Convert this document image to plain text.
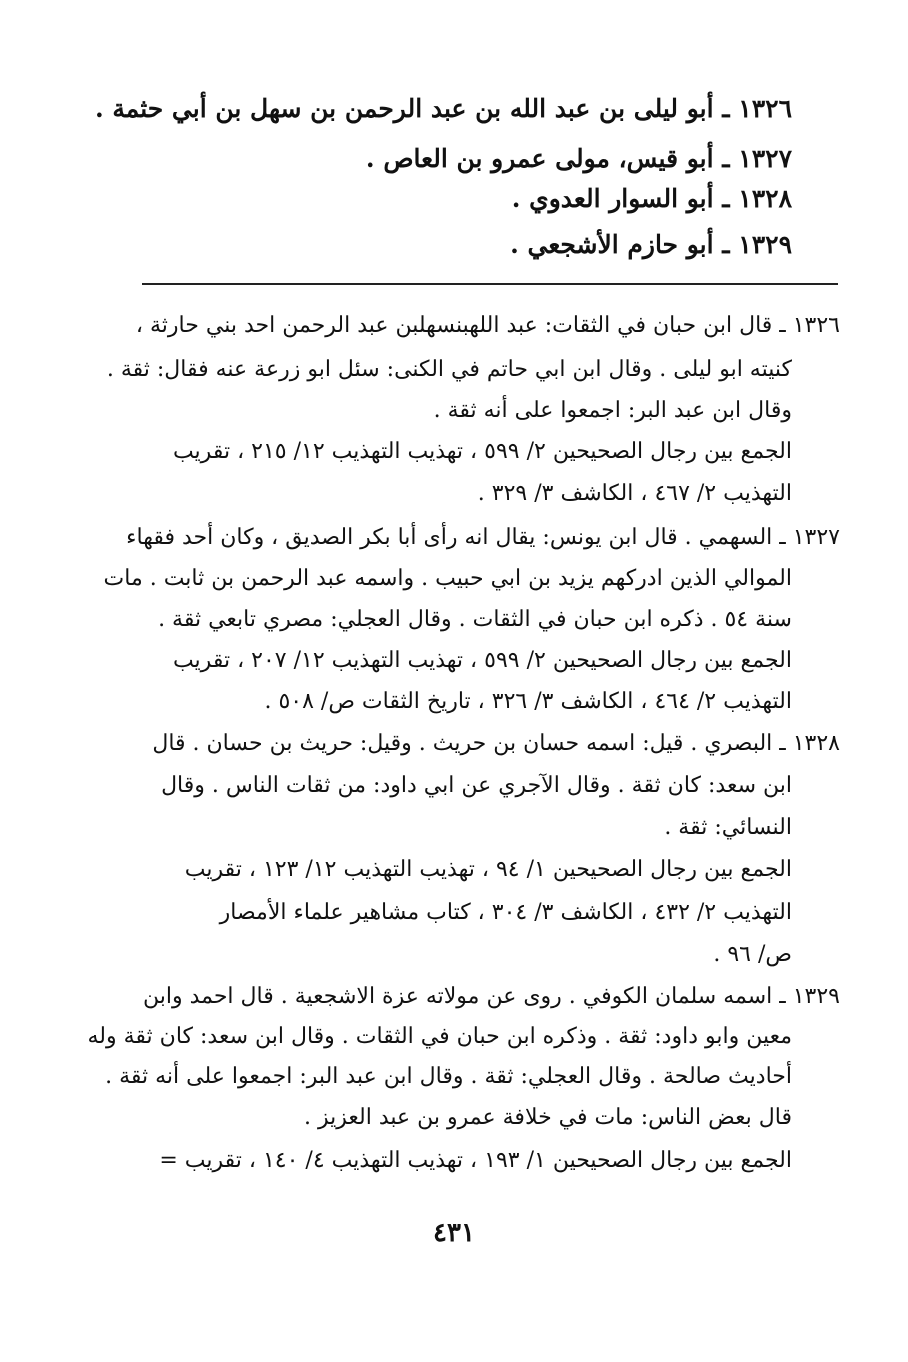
١٣٢٦ ـ أبو ليلى بن عبد الله بن عبد الرحمن بن سهل بن أبي حثمة .
١٣٢٧ ـ أبو قيس، مولى عمرو بن العاص .
١٣٢٨ ـ أبو السوار العدوي .
١٣٢٩ ـ أبو حازم الأشجعي .
١٣٢٦ ـ قال ابن حبان في الثقات: عبد اللهبنسهلبن عبد الرحمن احد بني حارثة ،
كنيته ابو ليلى . وقال ابن ابي حاتم في الكنى: سئل ابو زرعة عنه فقال: ثقة .
وقال ابن عبد البر: اجمعوا على أنه ثقة .
الجمع بين رجال الصحيحين ٢/ ٥٩٩ ، تهذيب التهذيب ١٢/ ٢١٥ ، تقريب
التهذيب ٢/ ٤٦٧ ، الكاشف ٣/ ٣٢٩ .
١٣٢٧ ـ السهمي . قال ابن يونس: يقال انه رأى أبا بكر الصديق ، وكان أحد فقهاء
الموالي الذين ادركهم يزيد بن ابي حبيب . واسمه عبد الرحمن بن ثابت . مات
سنة ٥٤ . ذكره ابن حبان في الثقات . وقال العجلي: مصري تابعي ثقة .
الجمع بين رجال الصحيحين ٢/ ٥٩٩ ، تهذيب التهذيب ١٢/ ٢٠٧ ، تقريب
التهذيب ٢/ ٤٦٤ ، الكاشف ٣/ ٣٢٦ ، تاريخ الثقات ص/ ٥٠٨ .
١٣٢٨ ـ البصري . قيل: اسمه حسان بن حريث . وقيل: حريث بن حسان . قال
ابن سعد: كان ثقة . وقال الآجري عن ابي داود: من ثقات الناس . وقال
النسائي: ثقة .
الجمع بين رجال الصحيحين ١/ ٩٤ ، تهذيب التهذيب ١٢/ ١٢٣ ، تقريب
التهذيب ٢/ ٤٣٢ ، الكاشف ٣/ ٣٠٤ ، كتاب مشاهير علماء الأمصار
ص/ ٩٦ .
١٣٢٩ ـ اسمه سلمان الكوفي . روى عن مولاته عزة الاشجعية . قال احمد وابن
معين وابو داود: ثقة . وذكره ابن حبان في الثقات . وقال ابن سعد: كان ثقة وله
أحاديث صالحة . وقال العجلي: ثقة . وقال ابن عبد البر: اجمعوا على أنه ثقة .
قال بعض الناس: مات في خلافة عمرو بن عبد العزيز .
الجمع بين رجال الصحيحين ١/ ١٩٣ ، تهذيب التهذيب ٤/ ١٤٠ ، تقريب =
٤٣١
